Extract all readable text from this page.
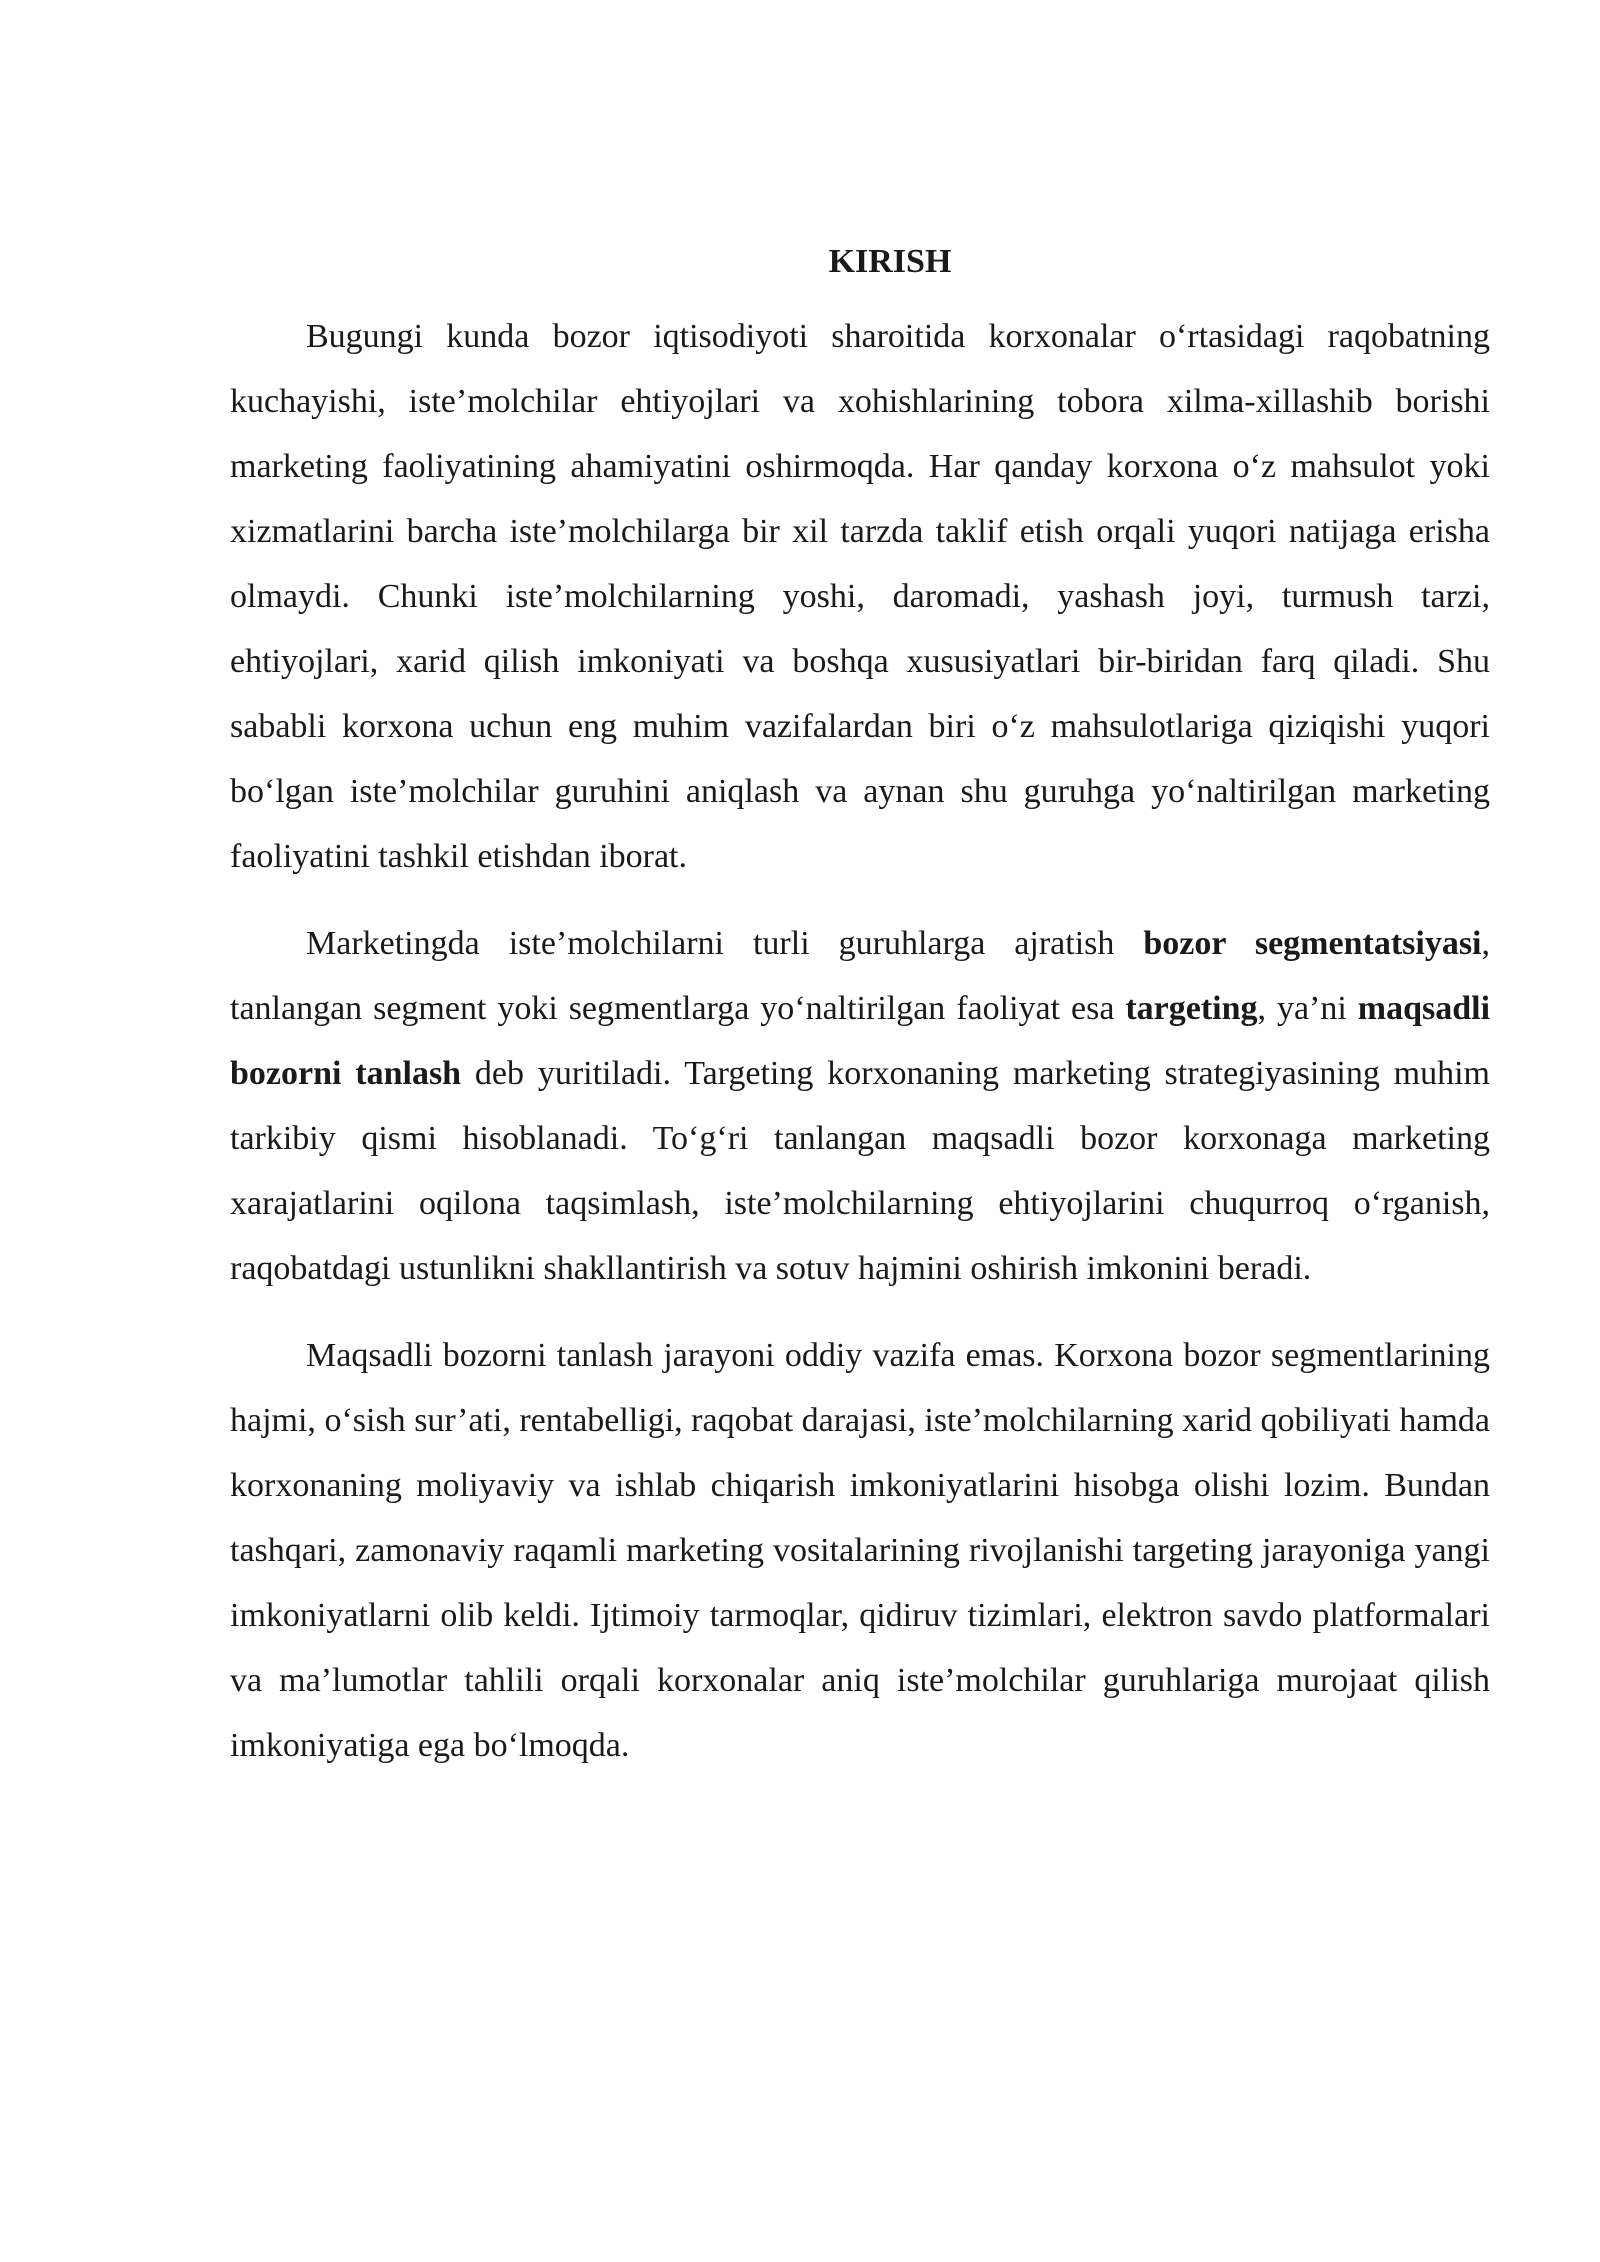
KIRISH

Bugungi kunda bozor iqtisodiyoti sharoitida korxonalar o‘rtasidagi raqobatning kuchayishi, iste’molchilar ehtiyojlari va xohishlarining tobora xilma-xillashib borishi marketing faoliyatining ahamiyatini oshirmoqda. Har qanday korxona o‘z mahsulot yoki xizmatlarini barcha iste’molchilarga bir xil tarzda taklif etish orqali yuqori natijaga erisha olmaydi. Chunki iste’molchilarning yoshi, daromadi, yashash joyi, turmush tarzi, ehtiyojlari, xarid qilish imkoniyati va boshqa xususiyatlari bir-biridan farq qiladi. Shu sababli korxona uchun eng muhim vazifalardan biri o‘z mahsulotlariga qiziqishi yuqori bo‘lgan iste’molchilar guruhini aniqlash va aynan shu guruhga yo‘naltirilgan marketing faoliyatini tashkil etishdan iborat.

Marketingda iste’molchilarni turli guruhlarga ajratish bozor segmentatsiyasi, tanlangan segment yoki segmentlarga yo‘naltirilgan faoliyat esa targeting, ya’ni maqsadli bozorni tanlash deb yuritiladi. Targeting korxonaning marketing strategiyasining muhim tarkibiy qismi hisoblanadi. To‘g‘ri tanlangan maqsadli bozor korxonaga marketing xarajatlarini oqilona taqsimlash, iste’molchilarning ehtiyojlarini chuqurroq o‘rganish, raqobatdagi ustunlikni shakllantirish va sotuv hajmini oshirish imkonini beradi.

Maqsadli bozorni tanlash jarayoni oddiy vazifa emas. Korxona bozor segmentlarining hajmi, o‘sish sur’ati, rentabelligi, raqobat darajasi, iste’molchilarning xarid qobiliyati hamda korxonaning moliyaviy va ishlab chiqarish imkoniyatlarini hisobga olishi lozim. Bundan tashqari, zamonaviy raqamli marketing vositalarining rivojlanishi targeting jarayoniga yangi imkoniyatlarni olib keldi. Ijtimoiy tarmoqlar, qidiruv tizimlari, elektron savdo platformalari va ma’lumotlar tahlili orqali korxonalar aniq iste’molchilar guruhlariga murojaat qilish imkoniyatiga ega bo‘lmoqda.
